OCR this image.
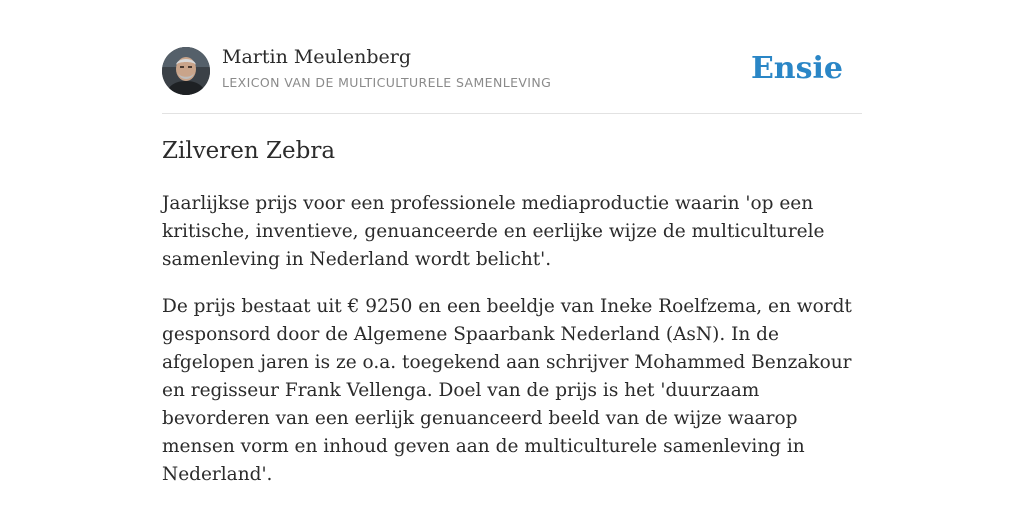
Martin Meulenberg
LEXICON VAN DE MULTICULTURELE SAMENLEVING	Ensie
Zilveren Zebra

Jaarlijkse prijs voor een professionele mediaproductie waarin 'op een kritische, inventieve, genuanceerde en eerlijke wijze de multiculturele samenleving in Nederland wordt belicht'.

De prijs bestaat uit € 9250 en een beeldje van Ineke Roelfzema, en wordt gesponsord door de Algemene Spaarbank Nederland (AsN). In de afgelopen jaren is ze o.a. toegekend aan schrijver Mohammed Benzakour en regisseur Frank Vellenga. Doel van de prijs is het 'duurzaam bevorderen van een eerlijk genuanceerd beeld van de wijze waarop mensen vorm en inhoud geven aan de multiculturele samenleving in Nederland'.
